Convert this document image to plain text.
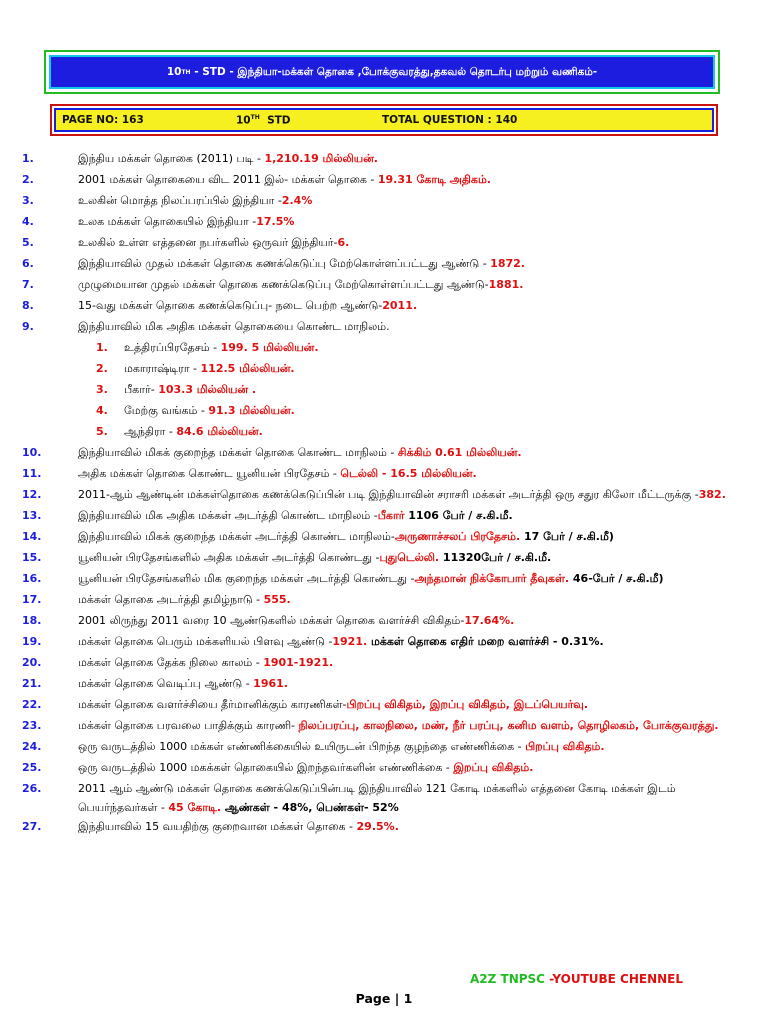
10 TH
- STD - இந்தியா-மக்கள் தொகை ,போக்குவரத்து,தகவல் தொடர்பு மற்றும் வணிகம்-
PAGE NO: 163	10TH STD	TOTAL QUESTION : 140
1.	இந்திய மக்கள் தொகை (2011) படி - 1,210.19 மில்லியன்.
2.	2001 மக்கள் தொகையை விட 2011 இல்- மக்கள் தொகை - 19.31 கோடி அதிகம்.
3.	உலகின் மொத்த நிலப்பரப்பில் இந்தியா -2.4%
4.	உலக மக்கள் தொகையில் இந்தியா -17.5%
5.	உலகில் உள்ள எத்தனை நபர்களில் ஒருவர் இந்தியர்-6.
6.	இந்தியாவில் முதல் மக்கள் தொகை கணக்கெடுப்பு மேற்கொள்ளப்பட்டது ஆண்டு - 1872.
7.	முழுமையான முதல் மக்கள் தொகை கணக்கெடுப்பு மேற்கொள்ளப்பட்டது ஆண்டு-1881.
8.	15-வது மக்கள் தொகை கணக்கெடுப்பு- நடை பெற்ற ஆண்டு-2011.
9.	இந்தியாவில் மிக அதிக மக்கள் தொகையை கொண்ட மாநிலம்.
1.	உத்திரப்பிரதேசம் - 199. 5 மில்லியன்.
2.	மகாராஷ்டிரா - 112.5 மில்லியன்.
3.	பீகார்- 103.3 மில்லியன் .
4.	மேற்கு வங்கம் - 91.3 மில்லியன்.
5.	ஆந்திரா - 84.6 மில்லியன்.
10.	இந்தியாவில் மிகக் குறைந்த மக்கள் தொகை கொண்ட மாநிலம் - சிக்கிம் 0.61 மில்லியன்.
11.	அதிக மக்கள் தொகை கொண்ட யூனியன் பிரதேசம் - டெல்லி - 16.5 மில்லியன்.
12.	2011-ஆம் ஆண்டின் மக்கள்தொகை கணக்கெடுப்பின் படி இந்தியாவின் சராசரி மக்கள் அடர்த்தி ஒரு சதுர கிலோ மீட்டருக்கு -382.
13.	இந்தியாவில் மிக அதிக மக்கள் அடர்த்தி கொண்ட மாநிலம் -பீகார் 1106 பேர் / ச.கி.மீ.
14.	இந்தியாவில் மிகக் குறைந்த மக்கள் அடர்த்தி கொண்ட மாநிலம்-அருணாச்சலப் பிரதேசம். 17 பேர் / ச.கி.மீ)
15.	யூனியன் பிரதேசங்களில் அதிக மக்கள் அடர்த்தி கொண்டது -புதுடெல்லி. 11320பேர் / ச.கி.மீ.
16.	யூனியன் பிரதேசங்களில் மிக குறைந்த மக்கள் அடர்த்தி கொண்டது -அந்தமான் நிக்கோபார் தீவுகள். 46-பேர் / ச.கி.மீ)
17.	மக்கள் தொகை அடர்த்தி தமிழ்நாடு - 555.
18.	2001 லிருந்து 2011 வரை 10 ஆண்டுகளில் மக்கள் தொகை வளர்ச்சி விகிதம்-17.64%.
19.	மக்கள் தொகை பெரும் மக்களியல் பிளவு ஆண்டு -1921. மக்கள் தொகை எதிர் மறை வளர்ச்சி - 0.31%.
20.	மக்கள் தொகை தேக்க நிலை காலம் - 1901-1921.
21.	மக்கள் தொகை வெடிப்பு ஆண்டு - 1961.
22.	மக்கள் தொகை வளர்ச்சியை தீர்மானிக்கும் காரணிகள்-பிறப்பு விகிதம், இறப்பு விகிதம், இடப்பெயர்வு.
23.	மக்கள் தொகை பரவலை பாதிக்கும் காரணி- நிலப்பரப்பு, காலநிலை, மண், நீர் பரப்பு, கனிம வளம், தொழிலகம், போக்குவரத்து.
24.	ஒரு வருடத்தில் 1000 மக்கள் எண்ணிக்கையில் உயிருடன் பிறந்த குழந்தை எண்ணிக்கை - பிறப்பு விகிதம்.
25.	ஒரு வருடத்தில் 1000 மகக்கள் தொகையில் இறந்தவர்களின் எண்ணிக்கை - இறப்பு விகிதம்.
26.	2011 ஆம் ஆண்டு மக்கள் தொகை கணக்கெடுப்பின்படி இந்தியாவில் 121 கோடி மக்களில் எத்தனை கோடி மக்கள் இடம் பெயர்ந்தவர்கள் - 45 கோடி. ஆண்கள் - 48%, பெண்கள்- 52%
27.	இந்தியாவில் 15 வயதிற்கு குறைவான மக்கள் தொகை - 29.5%.
A2Z TNPSC -YOUTUBE CHENNEL
Page | 1
